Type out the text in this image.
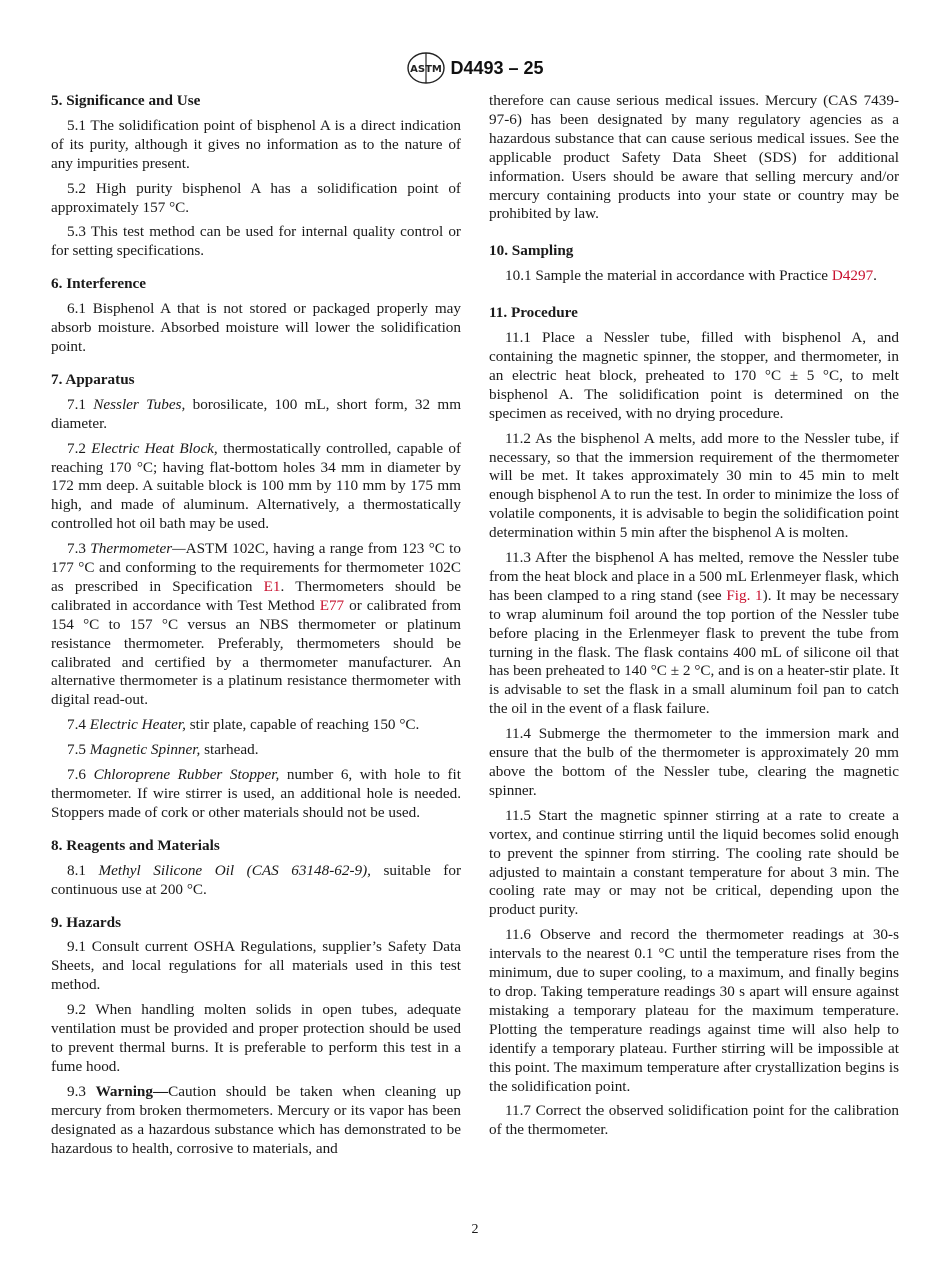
ASTM D4493 – 25
5. Significance and Use

5.1 The solidification point of bisphenol A is a direct indication of its purity, although it gives no information as to the nature of any impurities present.

5.2 High purity bisphenol A has a solidification point of approximately 157 °C.

5.3 This test method can be used for internal quality control or for setting specifications.

6. Interference

6.1 Bisphenol A that is not stored or packaged properly may absorb moisture. Absorbed moisture will lower the solidification point.

7. Apparatus

7.1 Nessler Tubes, borosilicate, 100 mL, short form, 32 mm diameter.

7.2 Electric Heat Block, thermostatically controlled, capable of reaching 170 °C; having flat-bottom holes 34 mm in diameter by 172 mm deep. A suitable block is 100 mm by 110 mm by 175 mm high, and made of aluminum. Alternatively, a thermostatically controlled hot oil bath may be used.

7.3 Thermometer—ASTM 102C, having a range from 123 °C to 177 °C and conforming to the requirements for thermometer 102C as prescribed in Specification E1. Thermometers should be calibrated in accordance with Test Method E77 or calibrated from 154 °C to 157 °C versus an NBS thermometer or platinum resistance thermometer. Preferably, thermometers should be calibrated and certified by a thermometer manufacturer. An alternative thermometer is a platinum resistance thermometer with digital read-out.

7.4 Electric Heater, stir plate, capable of reaching 150 °C.

7.5 Magnetic Spinner, starhead.

7.6 Chloroprene Rubber Stopper, number 6, with hole to fit thermometer. If wire stirrer is used, an additional hole is needed. Stoppers made of cork or other materials should not be used.

8. Reagents and Materials

8.1 Methyl Silicone Oil (CAS 63148-62-9), suitable for continuous use at 200 °C.

9. Hazards

9.1 Consult current OSHA Regulations, supplier’s Safety Data Sheets, and local regulations for all materials used in this test method.

9.2 When handling molten solids in open tubes, adequate ventilation must be provided and proper protection should be used to prevent thermal burns. It is preferable to perform this test in a fume hood.

9.3 Warning—Caution should be taken when cleaning up mercury from broken thermometers. Mercury or its vapor has been designated as a hazardous substance which has demonstrated to be hazardous to health, corrosive to materials, and

therefore can cause serious medical issues. Mercury (CAS 7439-97-6) has been designated by many regulatory agencies as a hazardous substance that can cause serious medical issues. See the applicable product Safety Data Sheet (SDS) for additional information. Users should be aware that selling mercury and/or mercury containing products into your state or country may be prohibited by law.

10. Sampling

10.1 Sample the material in accordance with Practice D4297.

11. Procedure

11.1 Place a Nessler tube, filled with bisphenol A, and containing the magnetic spinner, the stopper, and thermometer, in an electric heat block, preheated to 170 °C ± 5 °C, to melt bisphenol A. The solidification point is determined on the specimen as received, with no drying procedure.

11.2 As the bisphenol A melts, add more to the Nessler tube, if necessary, so that the immersion requirement of the thermometer will be met. It takes approximately 30 min to 45 min to melt enough bisphenol A to run the test. In order to minimize the loss of volatile components, it is advisable to begin the solidification point determination within 5 min after the bisphenol A is molten.

11.3 After the bisphenol A has melted, remove the Nessler tube from the heat block and place in a 500 mL Erlenmeyer flask, which has been clamped to a ring stand (see Fig. 1). It may be necessary to wrap aluminum foil around the top portion of the Nessler tube before placing in the Erlenmeyer flask to prevent the tube from turning in the flask. The flask contains 400 mL of silicone oil that has been preheated to 140 °C ± 2 °C, and is on a heater-stir plate. It is advisable to set the flask in a small aluminum foil pan to catch the oil in the event of a flask failure.

11.4 Submerge the thermometer to the immersion mark and ensure that the bulb of the thermometer is approximately 20 mm above the bottom of the Nessler tube, clearing the magnetic spinner.

11.5 Start the magnetic spinner stirring at a rate to create a vortex, and continue stirring until the liquid becomes solid enough to prevent the spinner from stirring. The cooling rate should be adjusted to maintain a constant temperature for about 3 min. The cooling rate may or may not be critical, depending upon the product purity.

11.6 Observe and record the thermometer readings at 30-s intervals to the nearest 0.1 °C until the temperature rises from the minimum, due to super cooling, to a maximum, and finally begins to drop. Taking temperature readings 30 s apart will ensure against mistaking a temporary plateau for the maximum temperature. Plotting the temperature readings against time will also help to identify a temporary plateau. Further stirring will be impossible at this point. The maximum temperature after crystallization begins is the solidification point.

11.7 Correct the observed solidification point for the calibration of the thermometer.

2
